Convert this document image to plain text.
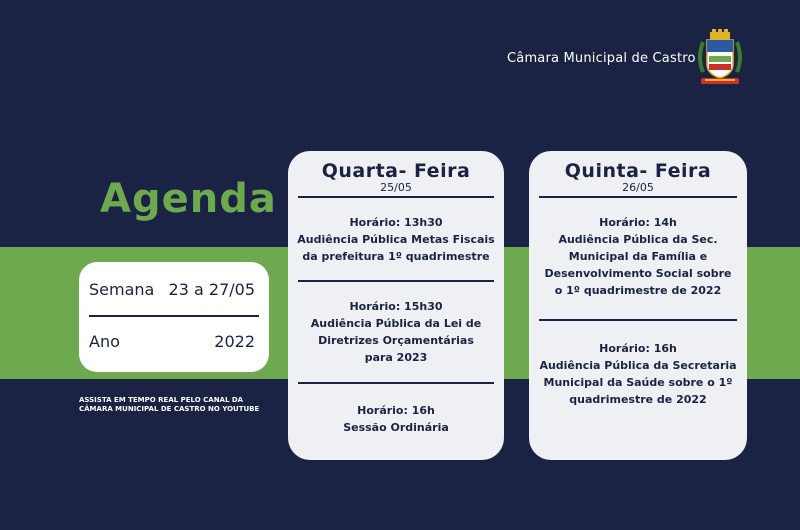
Câmara Municipal de Castro
Agenda
Semana 23 a 27/05
Ano	2022
ASSISTA EM TEMPO REAL PELO CANAL DA
CÂMARA MUNICIPAL DE CASTRO NO YOUTUBE
Quarta- Feira
25/05
Horário: 13h30
Audiência Pública Metas Fiscais
da prefeitura 1º quadrimestre
Horário: 15h30
Audiência Pública da Lei de
Diretrizes Orçamentárias
para 2023
Horário: 16h
Sessão Ordinária
Quinta- Feira
26/05
Horário: 14h
Audiência Pública da Sec.
Municipal da Família e
Desenvolvimento Social sobre
o 1º quadrimestre de 2022
Horário: 16h
Audiência Pública da Secretaria
Municipal da Saúde sobre o 1º
quadrimestre de 2022
